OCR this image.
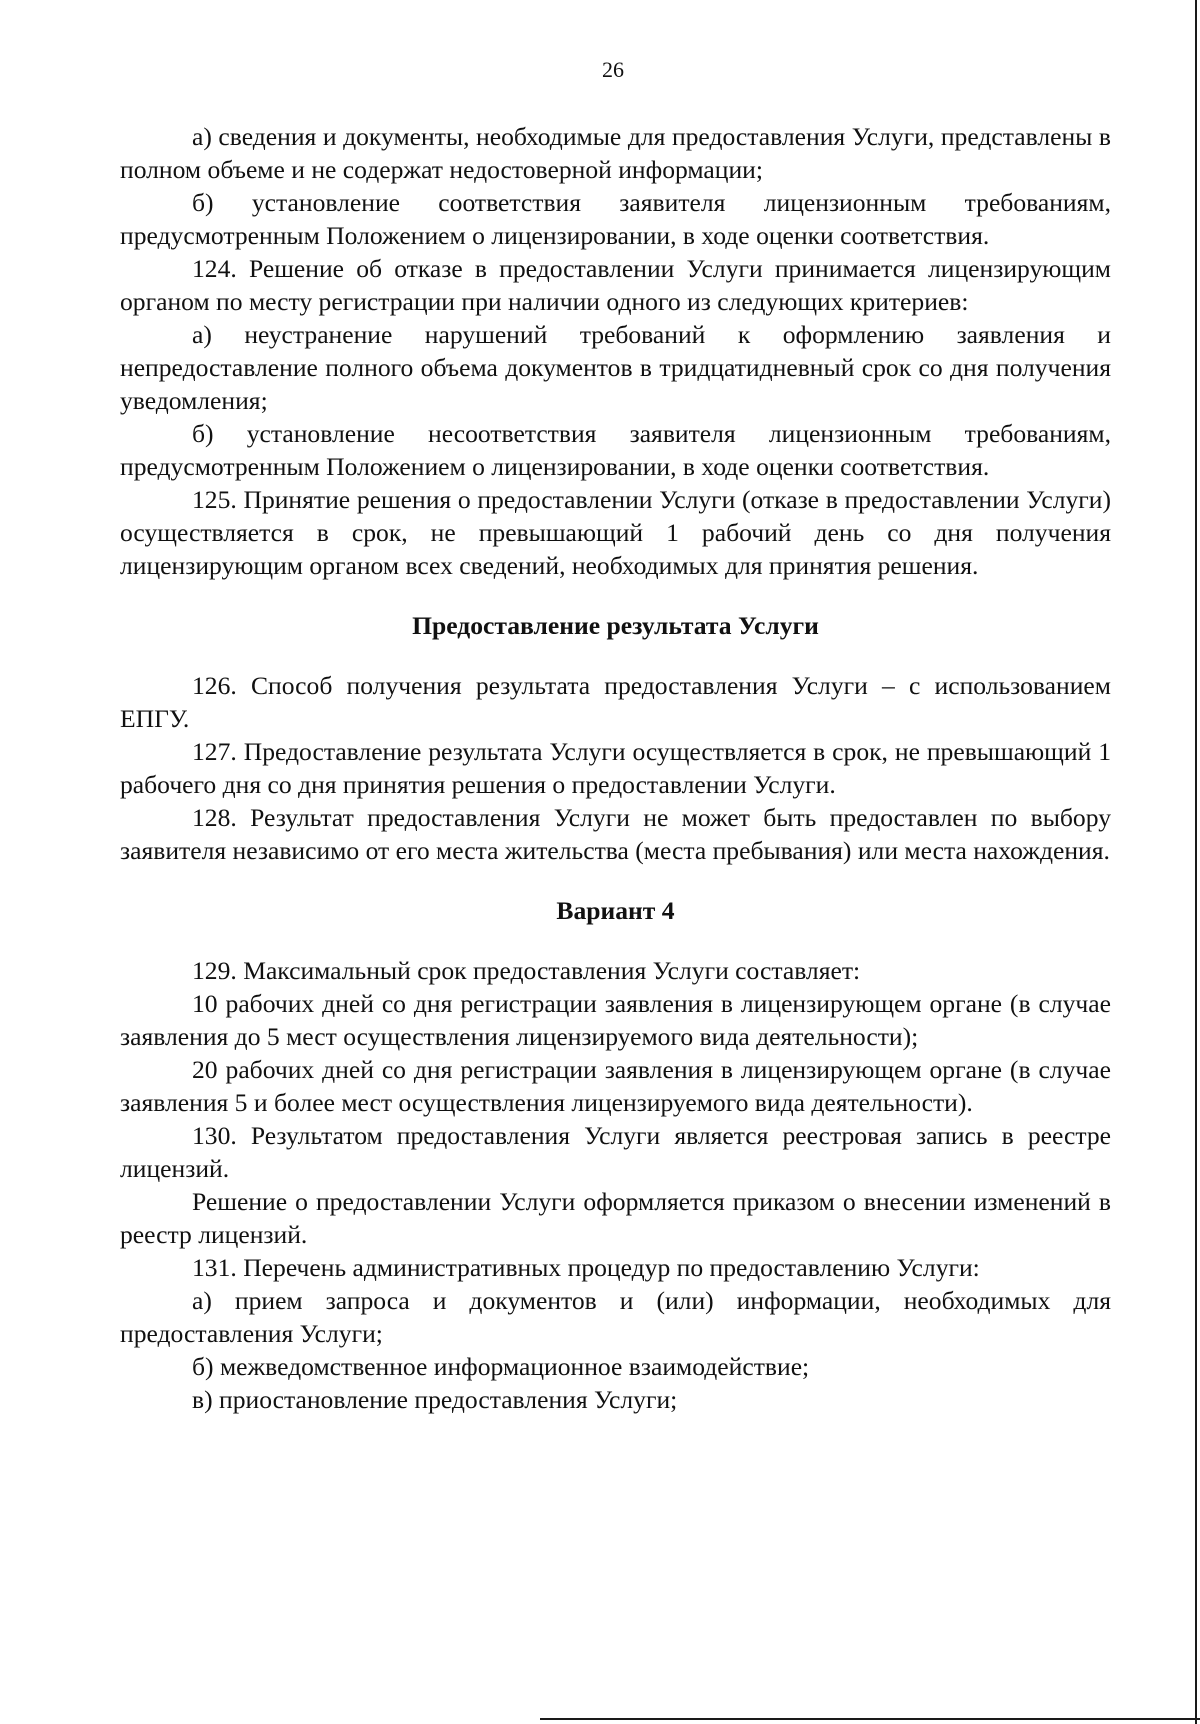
26

а) сведения и документы, необходимые для предоставления Услуги, представлены в полном объеме и не содержат недостоверной информации;

б) установление соответствия заявителя лицензионным требованиям, предусмотренным Положением о лицензировании, в ходе оценки соответствия.

124. Решение об отказе в предоставлении Услуги принимается лицензирующим органом по месту регистрации при наличии одного из следующих критериев:

а) неустранение нарушений требований к оформлению заявления и непредоставление полного объема документов в тридцатидневный срок со дня получения уведомления;

б) установление несоответствия заявителя лицензионным требованиям, предусмотренным Положением о лицензировании, в ходе оценки соответствия.

125. Принятие решения о предоставлении Услуги (отказе в предоставлении Услуги) осуществляется в срок, не превышающий 1 рабочий день со дня получения лицензирующим органом всех сведений, необходимых для принятия решения.

Предоставление результата Услуги

126. Способ получения результата предоставления Услуги – с использованием ЕПГУ.

127. Предоставление результата Услуги осуществляется в срок, не превышающий 1 рабочего дня со дня принятия решения о предоставлении Услуги.

128. Результат предоставления Услуги не может быть предоставлен по выбору заявителя независимо от его места жительства (места пребывания) или места нахождения.

Вариант 4

129. Максимальный срок предоставления Услуги составляет:

10 рабочих дней со дня регистрации заявления в лицензирующем органе (в случае заявления до 5 мест осуществления лицензируемого вида деятельности);

20 рабочих дней со дня регистрации заявления в лицензирующем органе (в случае заявления 5 и более мест осуществления лицензируемого вида деятельности).

130. Результатом предоставления Услуги является реестровая запись в реестре лицензий.

Решение о предоставлении Услуги оформляется приказом о внесении изменений в реестр лицензий.

131. Перечень административных процедур по предоставлению Услуги:

а) прием запроса и документов и (или) информации, необходимых для предоставления Услуги;

б) межведомственное информационное взаимодействие;

в) приостановление предоставления Услуги;
